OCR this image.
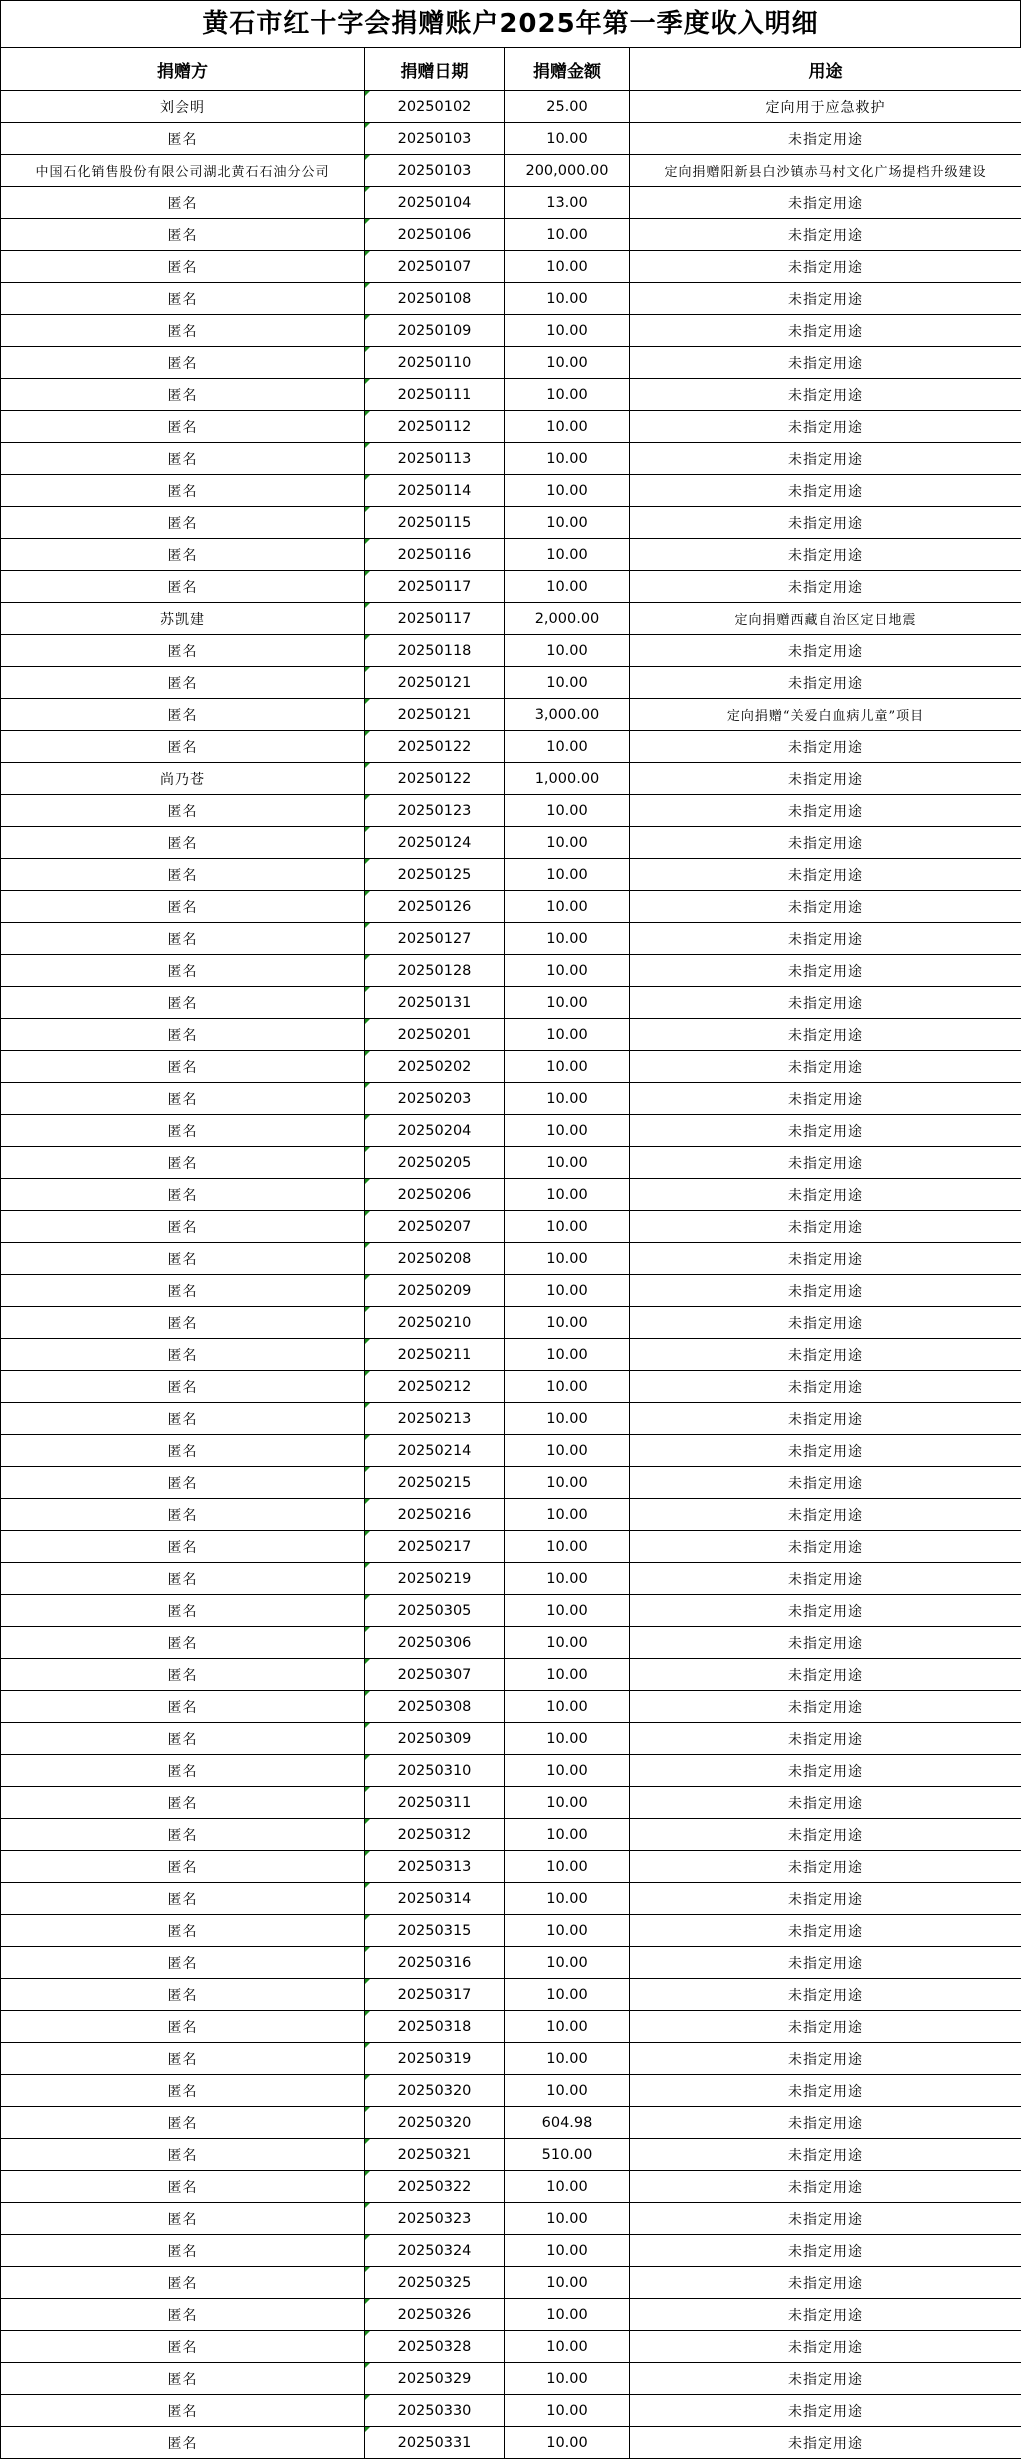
黄石市红十字会捐赠账户2025年第一季度收入明细
捐赠方	捐赠日期	捐赠金额	用途
刘会明	20250102	25.00	定向用于应急救护
匿名	20250103	10.00	未指定用途
中国石化销售股份有限公司湖北黄石石油分公司	20250103	200,000.00	定向捐赠阳新县白沙镇赤马村文化广场提档升级建设
匿名	20250104	13.00	未指定用途
匿名	20250106	10.00	未指定用途
匿名	20250107	10.00	未指定用途
匿名	20250108	10.00	未指定用途
匿名	20250109	10.00	未指定用途
匿名	20250110	10.00	未指定用途
匿名	20250111	10.00	未指定用途
匿名	20250112	10.00	未指定用途
匿名	20250113	10.00	未指定用途
匿名	20250114	10.00	未指定用途
匿名	20250115	10.00	未指定用途
匿名	20250116	10.00	未指定用途
匿名	20250117	10.00	未指定用途
苏凯建	20250117	2,000.00	定向捐赠西藏自治区定日地震
匿名	20250118	10.00	未指定用途
匿名	20250121	10.00	未指定用途
匿名	20250121	3,000.00	定向捐赠“关爱白血病儿童”项目
匿名	20250122	10.00	未指定用途
尚乃苍	20250122	1,000.00	未指定用途
匿名	20250123	10.00	未指定用途
匿名	20250124	10.00	未指定用途
匿名	20250125	10.00	未指定用途
匿名	20250126	10.00	未指定用途
匿名	20250127	10.00	未指定用途
匿名	20250128	10.00	未指定用途
匿名	20250131	10.00	未指定用途
匿名	20250201	10.00	未指定用途
匿名	20250202	10.00	未指定用途
匿名	20250203	10.00	未指定用途
匿名	20250204	10.00	未指定用途
匿名	20250205	10.00	未指定用途
匿名	20250206	10.00	未指定用途
匿名	20250207	10.00	未指定用途
匿名	20250208	10.00	未指定用途
匿名	20250209	10.00	未指定用途
匿名	20250210	10.00	未指定用途
匿名	20250211	10.00	未指定用途
匿名	20250212	10.00	未指定用途
匿名	20250213	10.00	未指定用途
匿名	20250214	10.00	未指定用途
匿名	20250215	10.00	未指定用途
匿名	20250216	10.00	未指定用途
匿名	20250217	10.00	未指定用途
匿名	20250219	10.00	未指定用途
匿名	20250305	10.00	未指定用途
匿名	20250306	10.00	未指定用途
匿名	20250307	10.00	未指定用途
匿名	20250308	10.00	未指定用途
匿名	20250309	10.00	未指定用途
匿名	20250310	10.00	未指定用途
匿名	20250311	10.00	未指定用途
匿名	20250312	10.00	未指定用途
匿名	20250313	10.00	未指定用途
匿名	20250314	10.00	未指定用途
匿名	20250315	10.00	未指定用途
匿名	20250316	10.00	未指定用途
匿名	20250317	10.00	未指定用途
匿名	20250318	10.00	未指定用途
匿名	20250319	10.00	未指定用途
匿名	20250320	10.00	未指定用途
匿名	20250320	604.98	未指定用途
匿名	20250321	510.00	未指定用途
匿名	20250322	10.00	未指定用途
匿名	20250323	10.00	未指定用途
匿名	20250324	10.00	未指定用途
匿名	20250325	10.00	未指定用途
匿名	20250326	10.00	未指定用途
匿名	20250328	10.00	未指定用途
匿名	20250329	10.00	未指定用途
匿名	20250330	10.00	未指定用途
匿名	20250331	10.00	未指定用途
